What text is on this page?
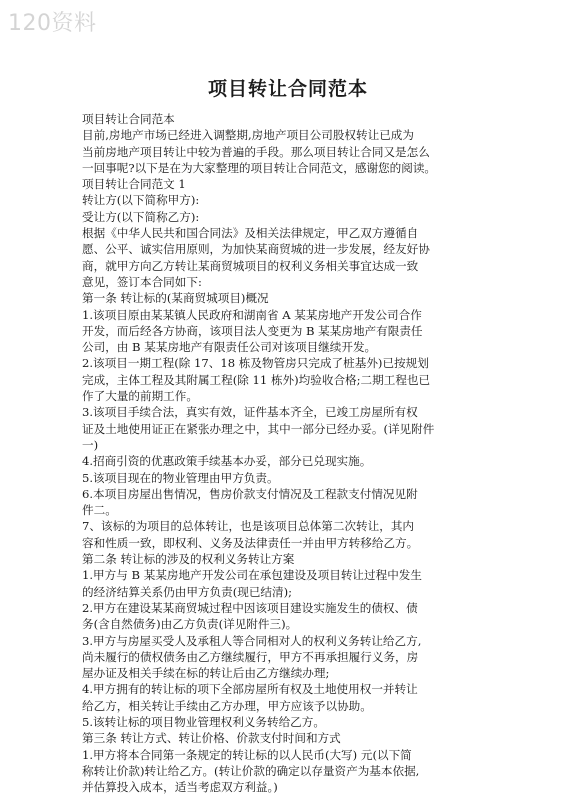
120资料
项目转让合同范本
项目转让合同范本
目前,房地产市场已经进入调整期,房地产项目公司股权转让已成为
当前房地产项目转让中较为普遍的手段。那么项目转让合同又是怎么
一回事呢?以下是在为大家整理的项目转让合同范文，感谢您的阅读。
项目转让合同范文 1
转让方(以下简称甲方):
受让方(以下简称乙方):
根据《中华人民共和国合同法》及相关法律规定，甲乙双方遵循自
愿、公平、诚实信用原则，为加快某商贸城的进一步发展，经友好协
商，就甲方向乙方转让某商贸城项目的权利义务相关事宜达成一致
意见，签订本合同如下:
第一条 转让标的(某商贸城项目)概况
1.该项目原由某某镇人民政府和湖南省 A 某某房地产开发公司合作
开发，而后经各方协商，该项目法人变更为 B 某某房地产有限责任
公司，由 B 某某房地产有限责任公司对该项目继续开发。
2.该项目一期工程(除 17、18 栋及物管房只完成了桩基外)已按规划
完成，主体工程及其附属工程(除 11 栋外)均验收合格;二期工程也已
作了大量的前期工作。
3.该项目手续合法，真实有效，证件基本齐全，已竣工房屋所有权
证及土地使用证正在紧张办理之中，其中一部分已经办妥。(详见附件
一)
4.招商引资的优惠政策手续基本办妥，部分已兑现实施。
5.该项目现在的物业管理由甲方负责。
6.本项目房屋出售情况，售房价款支付情况及工程款支付情况见附
件二。
7、该标的为项目的总体转让，也是该项目总体第二次转让，其内
容和性质一致，即权利、义务及法律责任一并由甲方转移给乙方。
第二条 转让标的涉及的权利义务转让方案
1.甲方与 B 某某房地产开发公司在承包建设及项目转让过程中发生
的经济结算关系仍由甲方负责(现已结清);
2.甲方在建设某某商贸城过程中因该项目建设实施发生的债权、债
务(含自然债务)由乙方负责(详见附件三)。
3.甲方与房屋买受人及承租人等合同相对人的权利义务转让给乙方,
尚未履行的债权债务由乙方继续履行，甲方不再承担履行义务，房
屋办证及相关手续在标的转让后由乙方继续办理;
4.甲方拥有的转让标的项下全部房屋所有权及土地使用权一并转让
给乙方，相关转让手续由乙方办理，甲方应该予以协助。
5.该转让标的项目物业管理权利义务转给乙方。
第三条 转让方式、转让价格、价款支付时间和方式
1.甲方将本合同第一条规定的转让标的以人民币(大写) 元(以下简
称转让价款)转让给乙方。(转让价款的确定以存量资产为基本依据,
并估算投入成本，适当考虑双方利益。)
